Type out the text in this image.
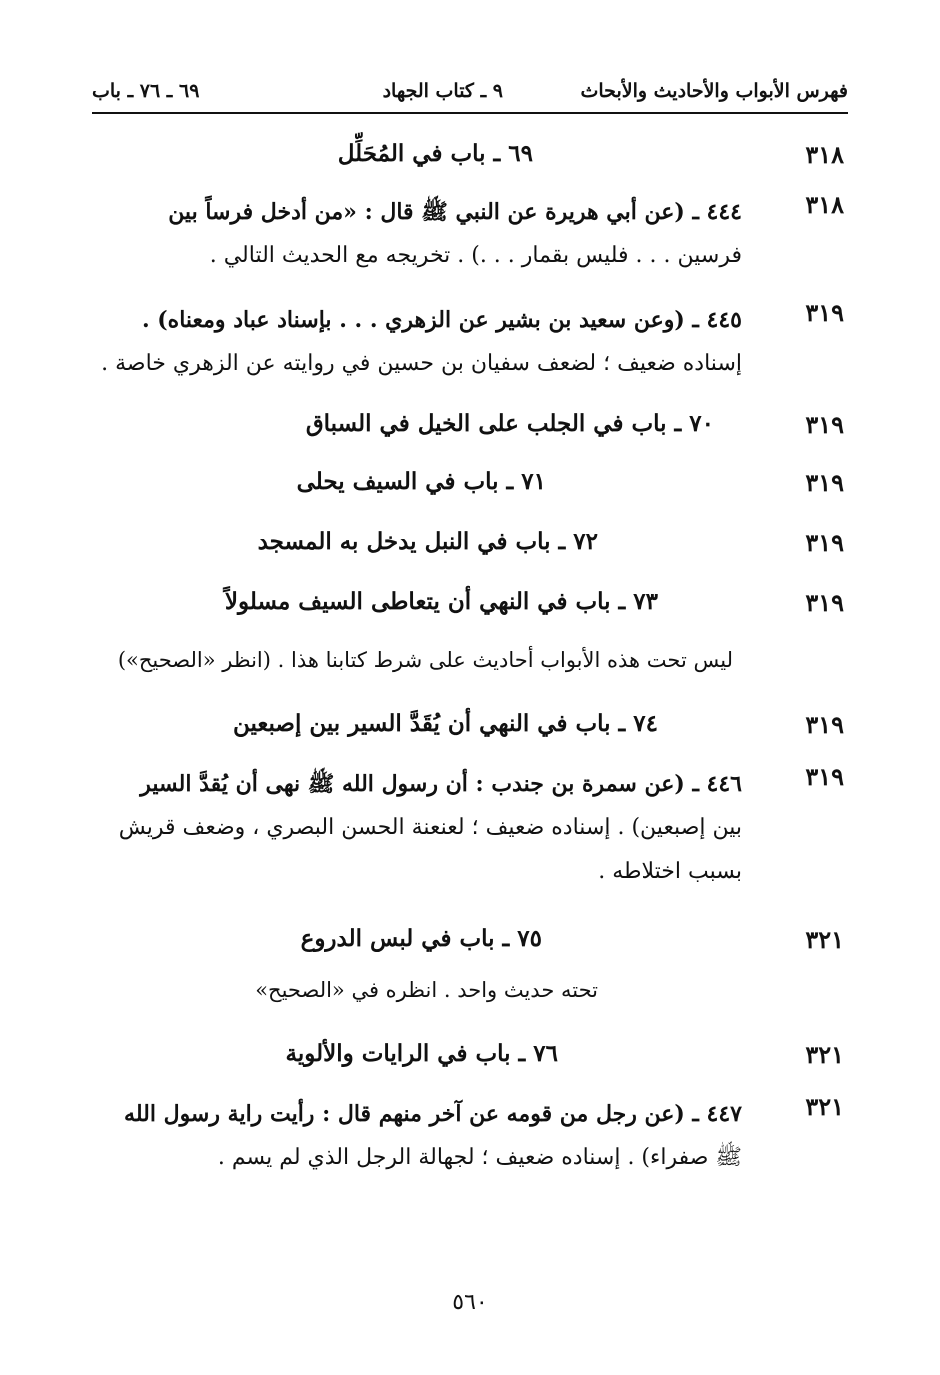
فهرس الأبواب والأحاديث والأبحاث
٩ ـ كتاب الجهاد
٦٩ ـ ٧٦ ـ باب
٣١٨
٦٩ ـ باب في المُحَلِّل
٣١٨
٤٤٤ ـ (عن أبي هريرة عن النبي ﷺ قال : «من أدخل فرساً بين
فرسين . . . فليس بقمار . . .) . تخريجه مع الحديث التالي .
٣١٩
٤٤٥ ـ (وعن سعيد بن بشير عن الزهري . . . بإسناد عباد ومعناه) .
إسناده ضعيف ؛ لضعف سفيان بن حسين في روايته عن الزهري خاصة .
٣١٩
٧٠ ـ باب في الجلب على الخيل في السباق
٣١٩
٧١ ـ باب في السيف يحلى
٣١٩
٧٢ ـ باب في النبل يدخل به المسجد
٣١٩
٧٣ ـ باب في النهي أن يتعاطى السيف مسلولاً
ليس تحت هذه الأبواب أحاديث على شرط كتابنا هذا . (انظر «الصحيح»)
٣١٩
٧٤ ـ باب في النهي أن يُقَدَّ السير بين إصبعين
٣١٩
٤٤٦ ـ (عن سمرة بن جندب : أن رسول الله ﷺ نهى أن يُقدَّ السير
بين إصبعين) . إسناده ضعيف ؛ لعنعنة الحسن البصري ، وضعف قريش
بسبب اختلاطه .
٣٢١
٧٥ ـ باب في لبس الدروع
تحته حديث واحد . انظره في «الصحيح»
٣٢١
٧٦ ـ باب في الرايات والألوية
٣٢١
٤٤٧ ـ (عن رجل من قومه عن آخر منهم قال : رأيت راية رسول الله
ﷺ صفراء) . إسناده ضعيف ؛ لجهالة الرجل الذي لم يسم .
٥٦٠
